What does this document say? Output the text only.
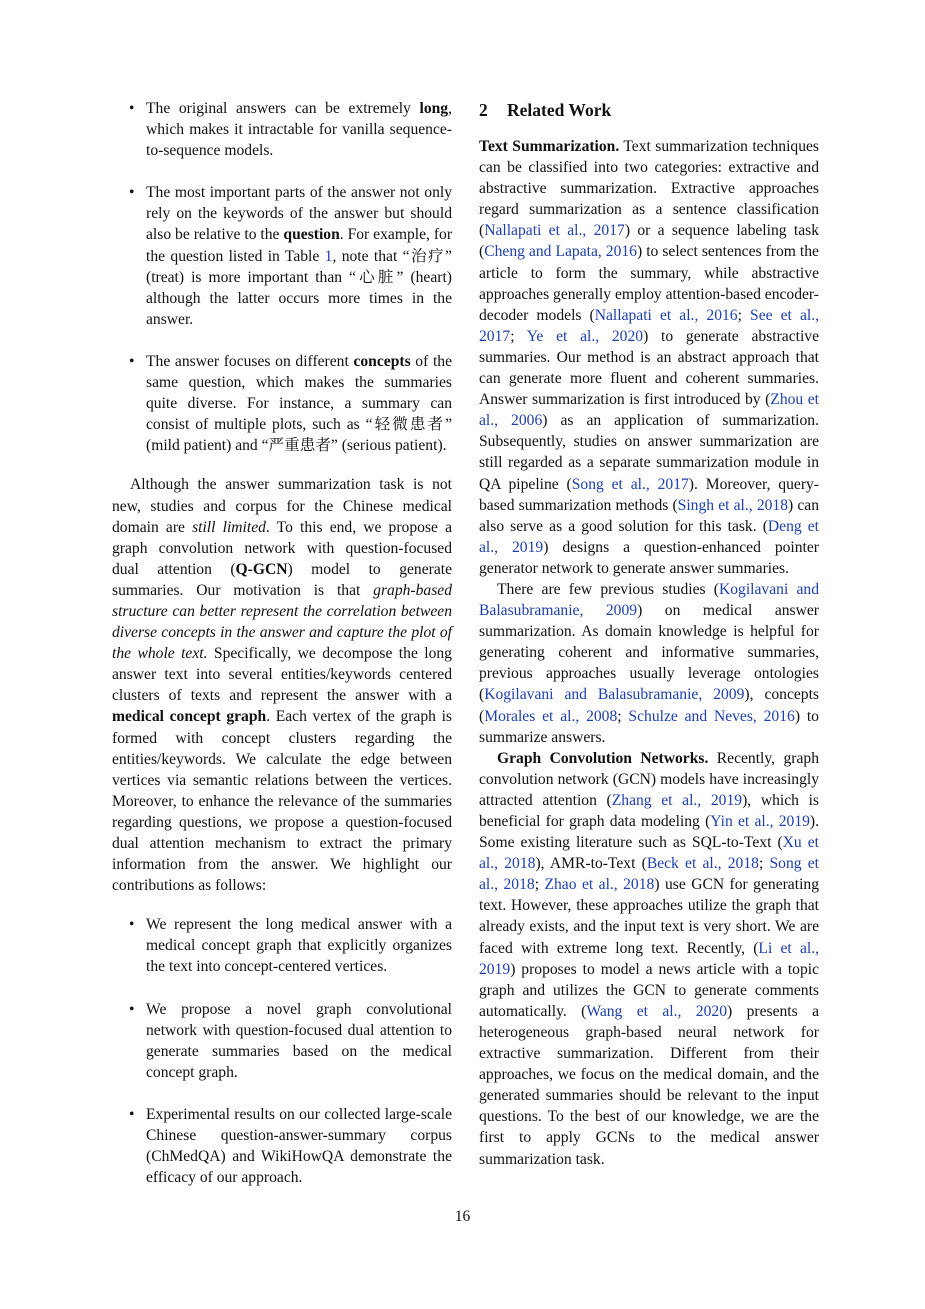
• The original answers can be extremely long, which makes it intractable for vanilla sequence-to-sequence models.
• The most important parts of the answer not only rely on the keywords of the answer but should also be relative to the question. For example, for the question listed in Table 1, note that “治疗” (treat) is more important than “心脏” (heart) although the latter occurs more times in the answer.
• The answer focuses on different concepts of the same question, which makes the summaries quite diverse. For instance, a summary can consist of multiple plots, such as “轻微患者” (mild patient) and “严重患者” (serious patient).

Although the answer summarization task is not new, studies and corpus for the Chinese medical domain are still limited. To this end, we propose a graph convolution network with question-focused dual attention (Q-GCN) model to generate summaries. Our motivation is that graph-based structure can better represent the correlation between diverse concepts in the answer and capture the plot of the whole text. Specifically, we decompose the long answer text into several entities/keywords centered clusters of texts and represent the answer with a medical concept graph. Each vertex of the graph is formed with concept clusters regarding the entities/keywords. We calculate the edge between vertices via semantic relations between the vertices. Moreover, to enhance the relevance of the summaries regarding questions, we propose a question-focused dual attention mechanism to extract the primary information from the answer. We highlight our contributions as follows:

• We represent the long medical answer with a medical concept graph that explicitly organizes the text into concept-centered vertices.
• We propose a novel graph convolutional network with question-focused dual attention to generate summaries based on the medical concept graph.
• Experimental results on our collected large-scale Chinese question-answer-summary corpus (ChMedQA) and WikiHowQA demonstrate the efficacy of our approach.
2 Related Work

Text Summarization. Text summarization techniques can be classified into two categories: extractive and abstractive summarization. Extractive approaches regard summarization as a sentence classification (Nallapati et al., 2017) or a sequence labeling task (Cheng and Lapata, 2016) to select sentences from the article to form the summary, while abstractive approaches generally employ attention-based encoder-decoder models (Nallapati et al., 2016; See et al., 2017; Ye et al., 2020) to generate abstractive summaries. Our method is an abstract approach that can generate more fluent and coherent summaries. Answer summarization is first introduced by (Zhou et al., 2006) as an application of summarization. Subsequently, studies on answer summarization are still regarded as a separate summarization module in QA pipeline (Song et al., 2017). Moreover, query-based summarization methods (Singh et al., 2018) can also serve as a good solution for this task. (Deng et al., 2019) designs a question-enhanced pointer generator network to generate answer summaries.

There are few previous studies (Kogilavani and Balasubramanie, 2009) on medical answer summarization. As domain knowledge is helpful for generating coherent and informative summaries, previous approaches usually leverage ontologies (Kogilavani and Balasubramanie, 2009), concepts (Morales et al., 2008; Schulze and Neves, 2016) to summarize answers.

Graph Convolution Networks. Recently, graph convolution network (GCN) models have increasingly attracted attention (Zhang et al., 2019), which is beneficial for graph data modeling (Yin et al., 2019). Some existing literature such as SQL-to-Text (Xu et al., 2018), AMR-to-Text (Beck et al., 2018; Song et al., 2018; Zhao et al., 2018) use GCN for generating text. However, these approaches utilize the graph that already exists, and the input text is very short. We are faced with extreme long text. Recently, (Li et al., 2019) proposes to model a news article with a topic graph and utilizes the GCN to generate comments automatically. (Wang et al., 2020) presents a heterogeneous graph-based neural network for extractive summarization. Different from their approaches, we focus on the medical domain, and the generated summaries should be relevant to the input questions. To the best of our knowledge, we are the first to apply GCNs to the medical answer summarization task.

16
